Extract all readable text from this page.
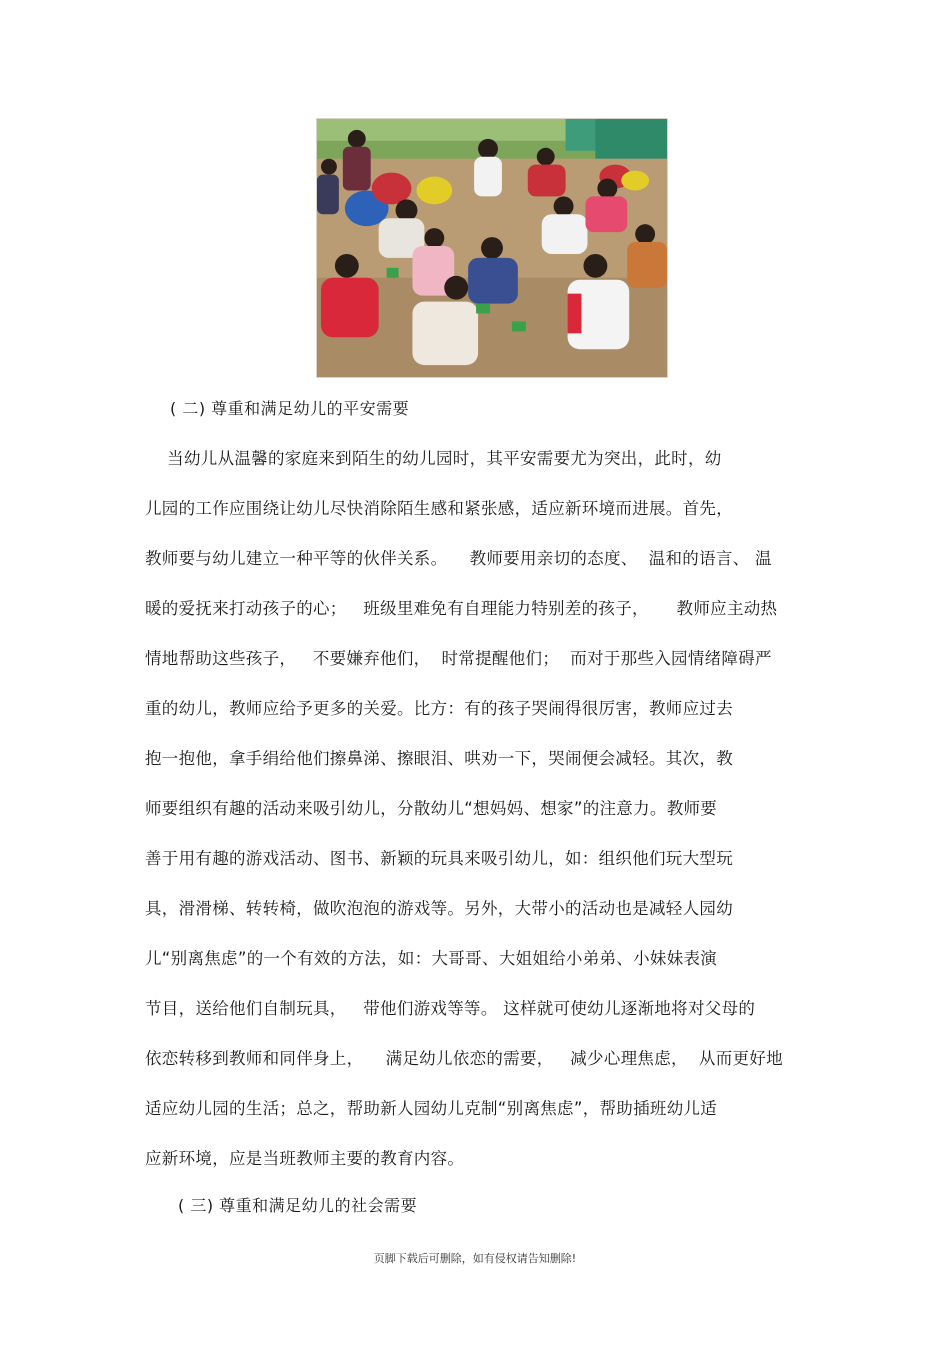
( 二) 尊重和满足幼儿的平安需要
当幼儿从温馨的家庭来到陌生的幼儿园时，其平安需要尤为突出，此时，幼
儿园的工作应围绕让幼儿尽快消除陌生感和紧张感，适应新环境而进展。首先，
教师要与幼儿建立一种平等的伙伴关系。    教师要用亲切的态度、  温和的语言、 温
暖的爱抚来打动孩子的心；   班级里难免有自理能力特别差的孩子，     教师应主动热
情地帮助这些孩子，   不要嫌弃他们，  时常提醒他们；  而对于那些入园情绪障碍严
重的幼儿，教师应给予更多的关爱。比方：有的孩子哭闹得很厉害，教师应过去
抱一抱他，拿手绢给他们擦鼻涕、擦眼泪、哄劝一下，哭闹便会减轻。其次，教
师要组织有趣的活动来吸引幼儿，分散幼儿“想妈妈、想家”的注意力。教师要
善于用有趣的游戏活动、图书、新颖的玩具来吸引幼儿，如：组织他们玩大型玩
具，滑滑梯、转转椅，做吹泡泡的游戏等。另外，大带小的活动也是减轻人园幼
儿“别离焦虑”的一个有效的方法，如：大哥哥、大姐姐给小弟弟、小妹妹表演
节目，送给他们自制玩具，   带他们游戏等等。 这样就可使幼儿逐渐地将对父母的
依恋转移到教师和同伴身上，    满足幼儿依恋的需要，   减少心理焦虑，  从而更好地
适应幼儿园的生活；总之，帮助新人园幼儿克制“别离焦虑”，帮助插班幼儿适
应新环境，应是当班教师主要的教育内容。
( 三) 尊重和满足幼儿的社会需要
页脚下载后可删除，如有侵权请告知删除!
